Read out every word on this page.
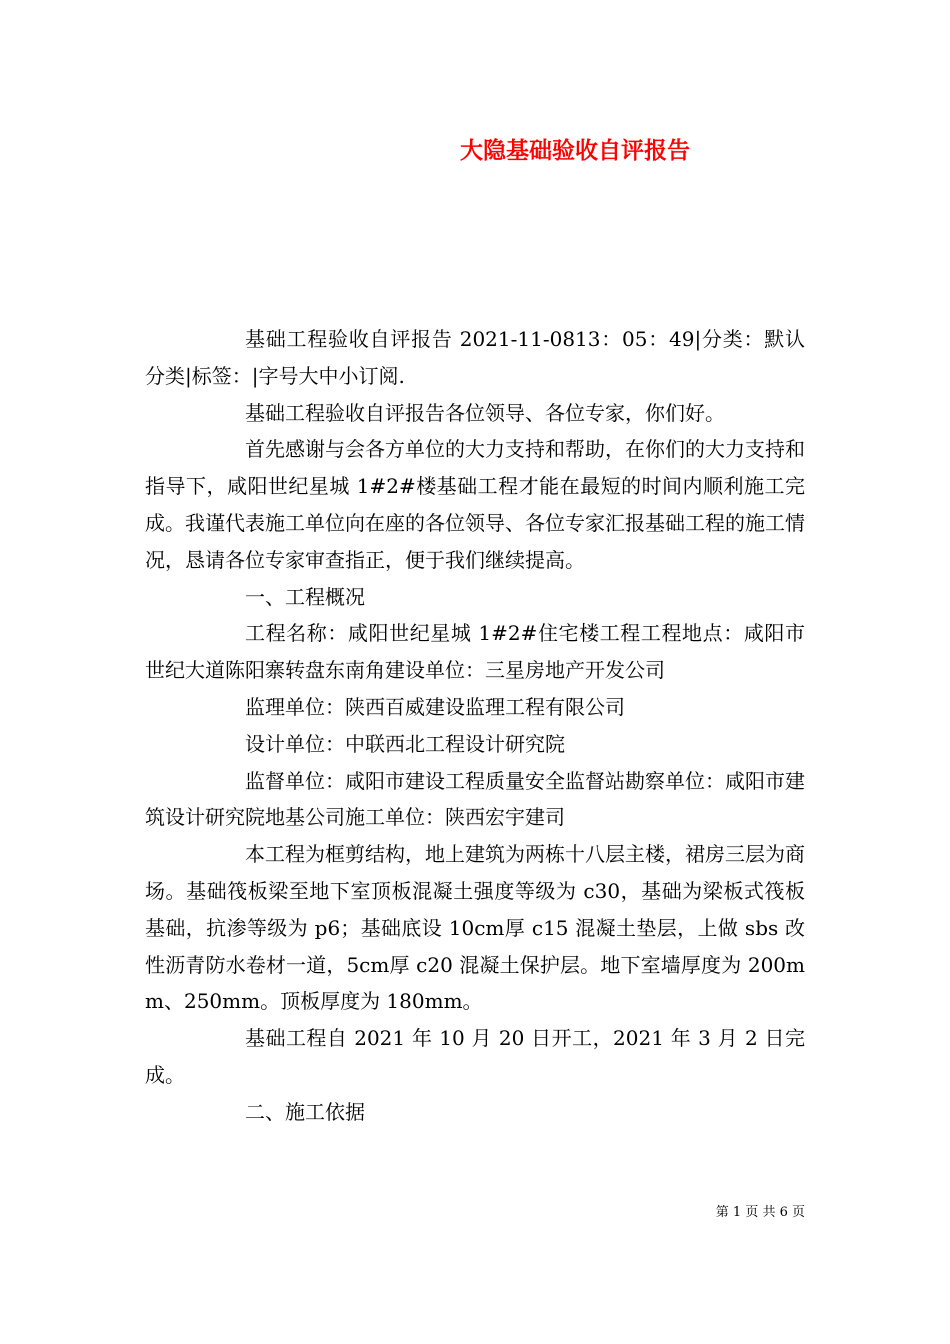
大隐基础验收自评报告

基础工程验收自评报告 2021-11-0813：05：49|分类：默认分类|标签：|字号大中小订阅.

基础工程验收自评报告各位领导、各位专家，你们好。

首先感谢与会各方单位的大力支持和帮助，在你们的大力支持和指导下，咸阳世纪星城 1#2#楼基础工程才能在最短的时间内顺利施工完成。我谨代表施工单位向在座的各位领导、各位专家汇报基础工程的施工情况，恳请各位专家审查指正，便于我们继续提高。

一、工程概况

工程名称：咸阳世纪星城 1#2#住宅楼工程工程地点：咸阳市世纪大道陈阳寨转盘东南角建设单位：三星房地产开发公司

监理单位：陕西百威建设监理工程有限公司

设计单位：中联西北工程设计研究院

监督单位：咸阳市建设工程质量安全监督站勘察单位：咸阳市建筑设计研究院地基公司施工单位：陕西宏宇建司

本工程为框剪结构，地上建筑为两栋十八层主楼，裙房三层为商场。基础筏板梁至地下室顶板混凝土强度等级为 c30，基础为梁板式筏板基础，抗渗等级为 p6；基础底设 10cm厚 c15 混凝土垫层，上做 sbs 改性沥青防水卷材一道，5cm厚 c20 混凝土保护层。地下室墙厚度为 200mm、250mm。顶板厚度为 180mm。

基础工程自 2021 年 10 月 20 日开工，2021 年 3 月 2 日完成。

二、施工依据

第 1 页 共 6 页
